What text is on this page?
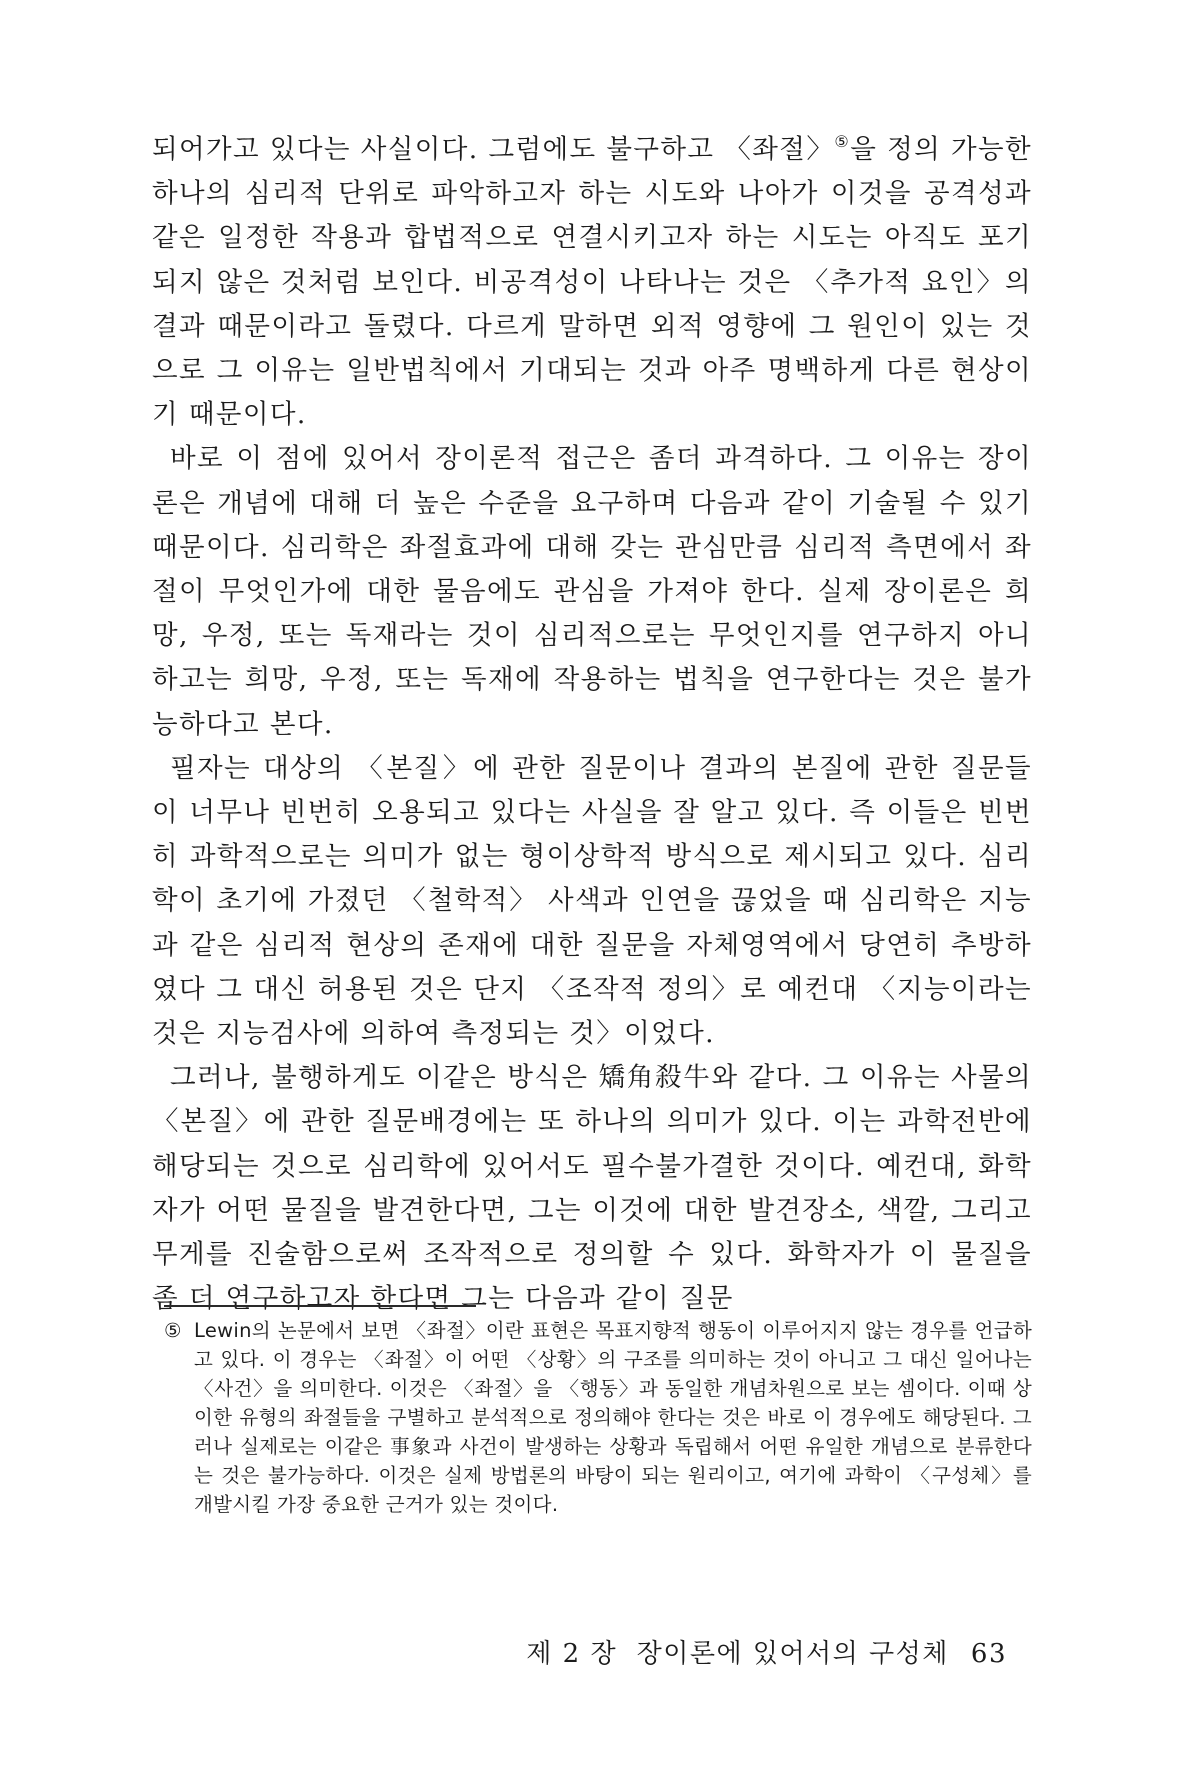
되어가고 있다는 사실이다. 그럼에도 불구하고 〈좌절〉⑤을 정의 가능한 하나의 심리적 단위로 파악하고자 하는 시도와 나아가 이것을 공격성과 같은 일정한 작용과 합법적으로 연결시키고자 하는 시도는 아직도 포기되지 않은 것처럼 보인다. 비공격성이 나타나는 것은 〈추가적 요인〉의 결과 때문이라고 돌렸다. 다르게 말하면 외적 영향에 그 원인이 있는 것으로 그 이유는 일반법칙에서 기대되는 것과 아주 명백하게 다른 현상이기 때문이다.

바로 이 점에 있어서 장이론적 접근은 좀더 과격하다. 그 이유는 장이론은 개념에 대해 더 높은 수준을 요구하며 다음과 같이 기술될 수 있기 때문이다. 심리학은 좌절효과에 대해 갖는 관심만큼 심리적 측면에서 좌절이 무엇인가에 대한 물음에도 관심을 가져야 한다. 실제 장이론은 희망, 우정, 또는 독재라는 것이 심리적으로는 무엇인지를 연구하지 아니 하고는 희망, 우정, 또는 독재에 작용하는 법칙을 연구한다는 것은 불가능하다고 본다.

필자는 대상의 〈본질〉에 관한 질문이나 결과의 본질에 관한 질문들이 너무나 빈번히 오용되고 있다는 사실을 잘 알고 있다. 즉 이들은 빈번히 과학적으로는 의미가 없는 형이상학적 방식으로 제시되고 있다. 심리학이 초기에 가졌던 〈철학적〉 사색과 인연을 끊었을 때 심리학은 지능과 같은 심리적 현상의 존재에 대한 질문을 자체영역에서 당연히 추방하였다 그 대신 허용된 것은 단지 〈조작적 정의〉로 예컨대 〈지능이라는 것은 지능검사에 의하여 측정되는 것〉이었다.

그러나, 불행하게도 이같은 방식은 矯角殺牛와 같다. 그 이유는 사물의 〈본질〉에 관한 질문배경에는 또 하나의 의미가 있다. 이는 과학전반에 해당되는 것으로 심리학에 있어서도 필수불가결한 것이다. 예컨대, 화학자가 어떤 물질을 발견한다면, 그는 이것에 대한 발견장소, 색깔, 그리고 무게를 진술함으로써 조작적으로 정의할 수 있다. 화학자가 이 물질을 좀 더 연구하고자 한다면 그는 다음과 같이 질문

⑤ Lewin의 논문에서 보면 〈좌절〉이란 표현은 목표지향적 행동이 이루어지지 않는 경우를 언급하고 있다. 이 경우는 〈좌절〉이 어떤 〈상황〉의 구조를 의미하는 것이 아니고 그 대신 일어나는 〈사건〉을 의미한다. 이것은 〈좌절〉을 〈행동〉과 동일한 개념차원으로 보는 셈이다. 이때 상이한 유형의 좌절들을 구별하고 분석적으로 정의해야 한다는 것은 바로 이 경우에도 해당된다. 그러나 실제로는 이같은 事象과 사건이 발생하는 상황과 독립해서 어떤 유일한 개념으로 분류한다는 것은 불가능하다. 이것은 실제 방법론의 바탕이 되는 원리이고, 여기에 과학이 〈구성체〉를 개발시킬 가장 중요한 근거가 있는 것이다.
제 2 장  장이론에 있어서의 구성체 63
